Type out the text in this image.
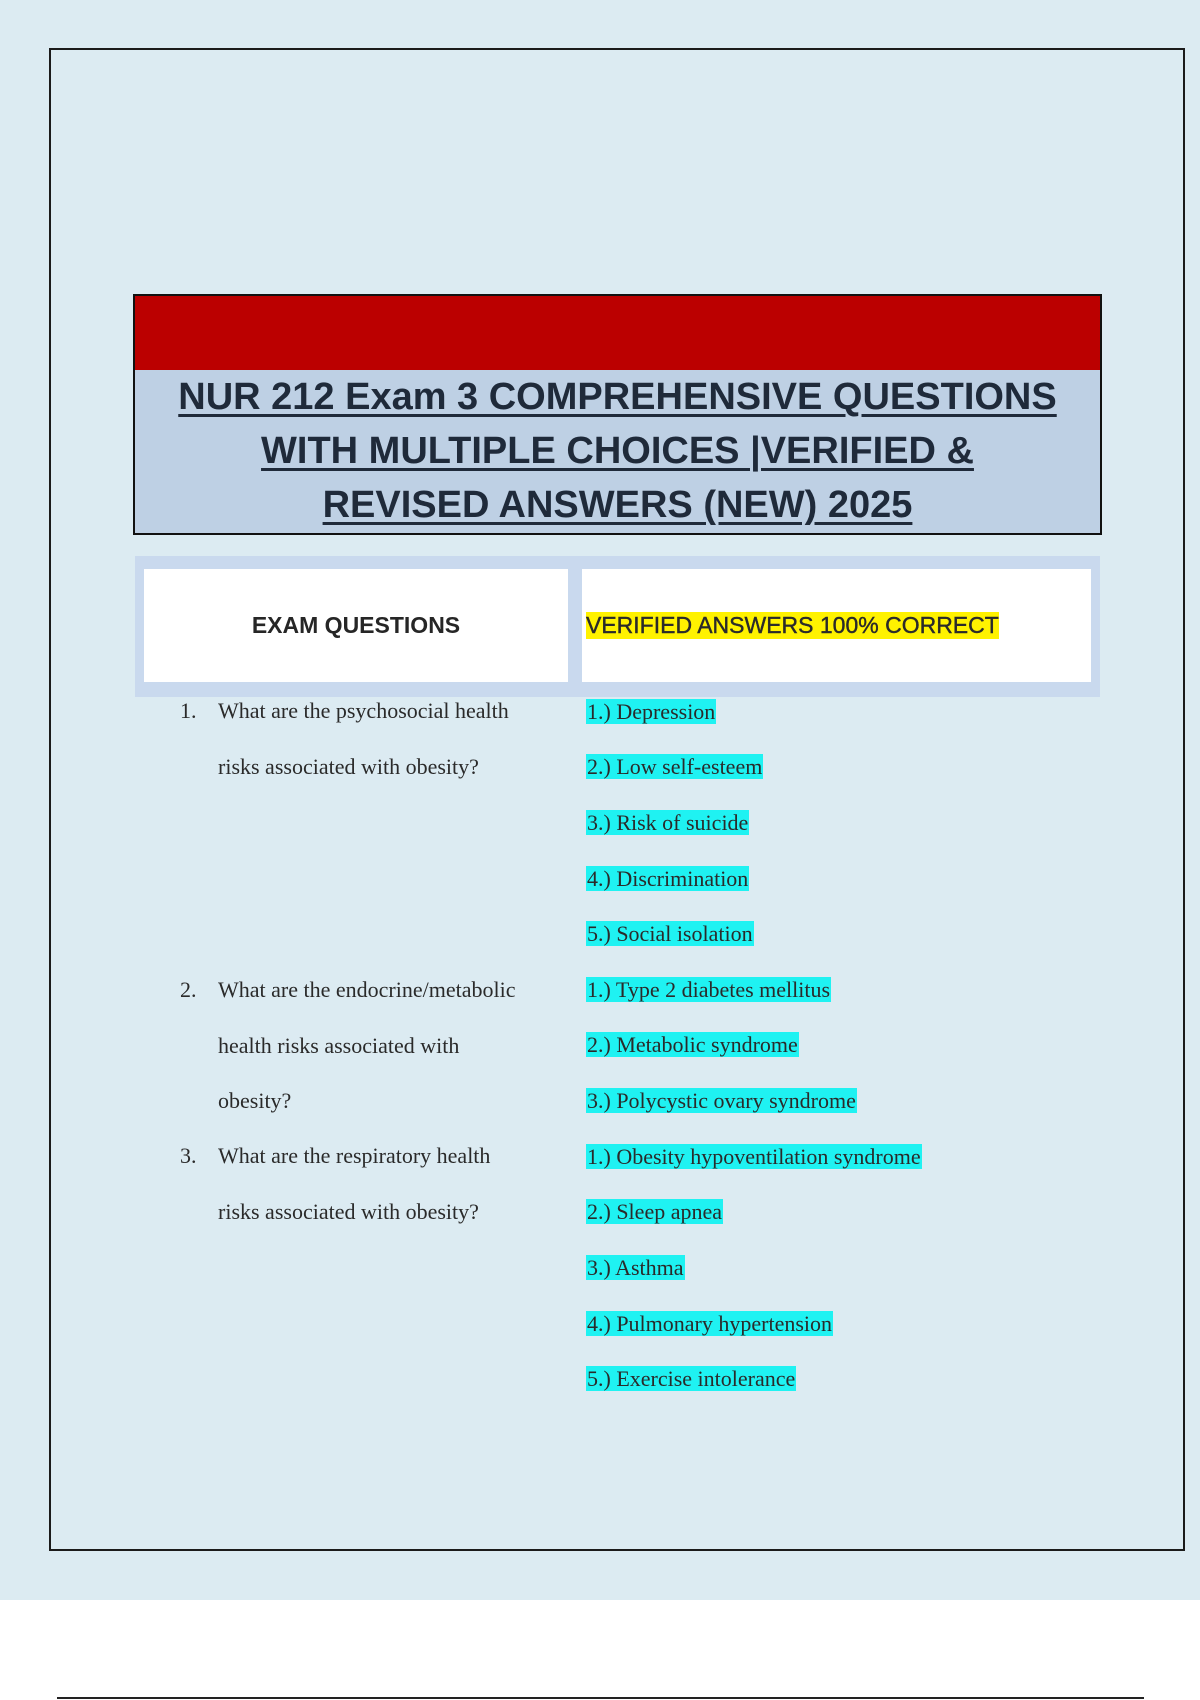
NUR 212 Exam 3 COMPREHENSIVE QUESTIONS
WITH MULTIPLE CHOICES |VERIFIED &
REVISED ANSWERS (NEW) 2025
EXAM QUESTIONS	VERIFIED ANSWERS 100% CORRECT
1. What are the psychosocial health
risks associated with obesity?
1.) Depression
2.) Low self-esteem
3.) Risk of suicide
4.) Discrimination
5.) Social isolation
2. What are the endocrine/metabolic
health risks associated with
obesity?
1.) Type 2 diabetes mellitus
2.) Metabolic syndrome
3.) Polycystic ovary syndrome
3. What are the respiratory health
risks associated with obesity?
1.) Obesity hypoventilation syndrome
2.) Sleep apnea
3.) Asthma
4.) Pulmonary hypertension
5.) Exercise intolerance
